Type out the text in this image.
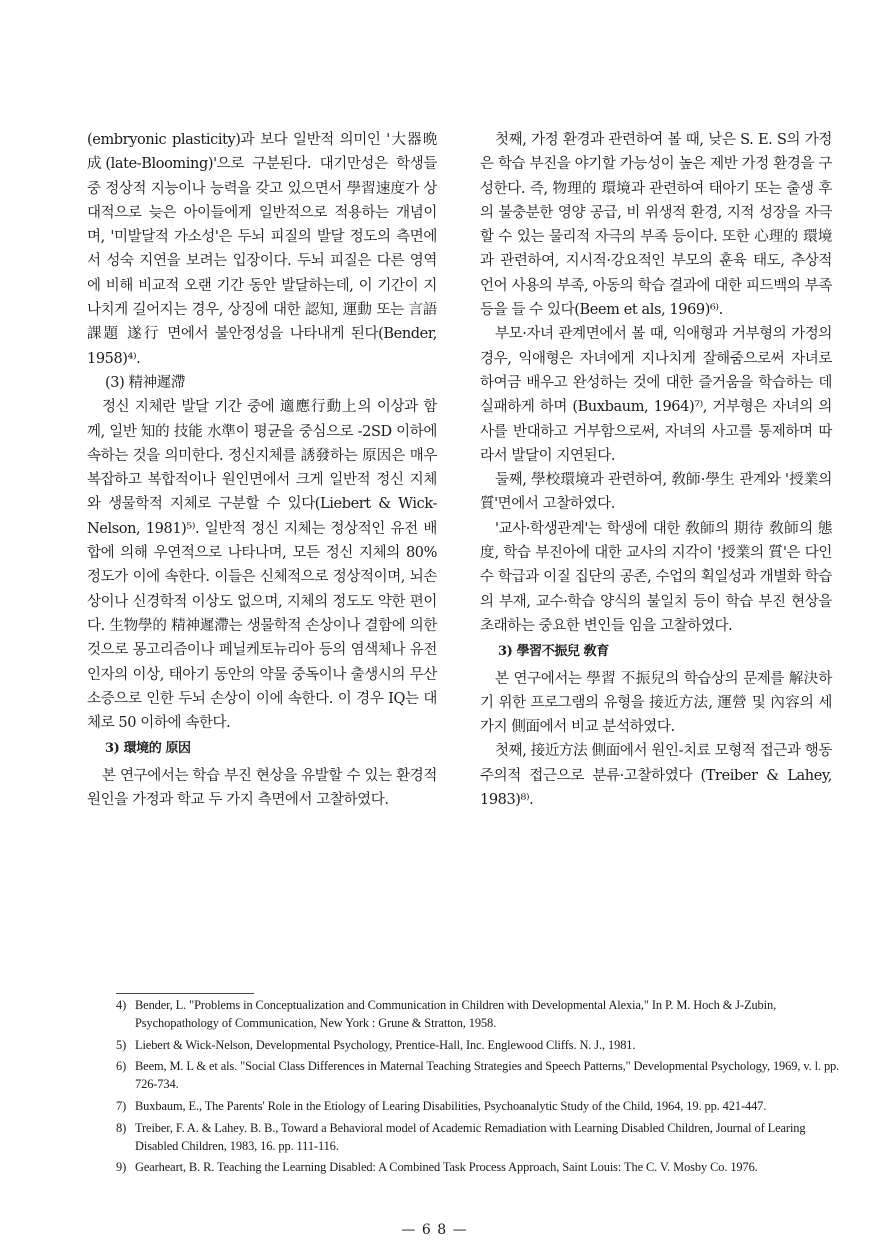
(embryonic plasticity)과 보다 일반적 의미인 '大器晩成(late-Blooming)'으로 구분된다. 대기만성은 학생들 중 정상적 지능이나 능력을 갖고 있으면서 學習速度가 상대적으로 늦은 아이들에게 일반적으로 적용하는 개념이며, '미발달적 가소성'은 두뇌 피질의 발달 정도의 측면에서 성숙 지연을 보려는 입장이다. 두뇌 피질은 다른 영역에 비해 비교적 오랜 기간 동안 발달하는데, 이 기간이 지나치게 길어지는 경우, 상징에 대한 認知, 運動 또는 言語課題 遂行 면에서 불안정성을 나타내게 된다(Bender, 1958)⁴⁾.

(3) 精神遲滯

정신 지체란 발달 기간 중에 適應行動上의 이상과 함께, 일반 知的 技能 水準이 평균을 중심으로 -2SD 이하에 속하는 것을 의미한다. 정신지체를 誘發하는 原因은 매우 복잡하고 복합적이나 원인면에서 크게 일반적 정신 지체와 생물학적 지체로 구분할 수 있다(Liebert & Wick-Nelson, 1981)⁵⁾. 일반적 정신 지체는 정상적인 유전 배합에 의해 우연적으로 나타나며, 모든 정신 지체의 80% 정도가 이에 속한다. 이들은 신체적으로 정상적이며, 뇌손상이나 신경학적 이상도 없으며, 지체의 정도도 약한 편이다. 生物學的 精神遲滯는 생물학적 손상이나 결함에 의한 것으로 몽고리즘이나 페닐케토뉴리아 등의 염색체나 유전인자의 이상, 태아기 동안의 약물 중독이나 출생시의 무산소증으로 인한 두뇌 손상이 이에 속한다. 이 경우 IQ는 대체로 50 이하에 속한다.

3) 環境的 原因

본 연구에서는 학습 부진 현상을 유발할 수 있는 환경적 원인을 가정과 학교 두 가지 측면에서 고찰하였다.

첫째, 가정 환경과 관련하여 볼 때, 낮은 S. E. S의 가정은 학습 부진을 야기할 가능성이 높은 제반 가정 환경을 구성한다. 즉, 物理的 環境과 관련하여 태아기 또는 출생 후의 불충분한 영양 공급, 비 위생적 환경, 지적 성장을 자극할 수 있는 물리적 자극의 부족 등이다. 또한 心理的 環境과 관련하여, 지시적·강요적인 부모의 훈육 태도, 추상적 언어 사용의 부족, 아동의 학습 결과에 대한 피드백의 부족 등을 들 수 있다(Beem et als, 1969)⁶⁾.

부모·자녀 관계면에서 볼 때, 익애형과 거부형의 가정의 경우, 익애형은 자녀에게 지나치게 잘해줌으로써 자녀로 하여금 배우고 완성하는 것에 대한 즐거움을 학습하는 데 실패하게 하며 (Buxbaum, 1964)⁷⁾, 거부형은 자녀의 의사를 반대하고 거부함으로써, 자녀의 사고를 통제하며 따라서 발달이 지연된다.

둘째, 學校環境과 관련하여, 敎師·學生 관계와 '授業의 質'면에서 고찰하였다.

'교사·학생관계'는 학생에 대한 敎師의 期待 敎師의 態度, 학습 부진아에 대한 교사의 지각이 '授業의 質'은 다인수 학급과 이질 집단의 공존, 수업의 획일성과 개별화 학습의 부재, 교수·학습 양식의 불일치 등이 학습 부진 현상을 초래하는 중요한 변인들 임을 고찰하였다.

3) 學習不振兒 敎育

본 연구에서는 學習 不振兒의 학습상의 문제를 解決하기 위한 프로그램의 유형을 接近方法, 運營 및 內容의 세 가지 側面에서 비교 분석하였다.

첫째, 接近方法 側面에서 원인-치료 모형적 접근과 행동주의적 접근으로 분류·고찰하였다 (Treiber & Lahey, 1983)⁸⁾.

4) Bender, L. "Problems in Conceptualization and Communication in Children with Developmental Alexia," In P. M. Hoch & J-Zubin, Psychopathology of Communication, New York : Grune & Stratton, 1958.
5) Liebert & Wick-Nelson, Developmental Psychology, Prentice-Hall, Inc. Englewood Cliffs. N. J., 1981.
6) Beem, M. L & et als. "Social Class Differences in Maternal Teaching Strategies and Speech Patterns," Developmental Psychology, 1969, v. l. pp. 726-734.
7) Buxbaum, E., The Parents' Role in the Etiology of Learing Disabilities, Psychoanalytic Study of the Child, 1964, 19. pp. 421-447.
8) Treiber, F. A. & Lahey. B. B., Toward a Behavioral model of Academic Remadiation with Learning Disabled Children, Journal of Learing Disabled Children, 1983, 16. pp. 111-116.
9) Gearheart, B. R. Teaching the Learning Disabled: A Combined Task Process Approach, Saint Louis: The C. V. Mosby Co. 1976.
— 6 8 —
